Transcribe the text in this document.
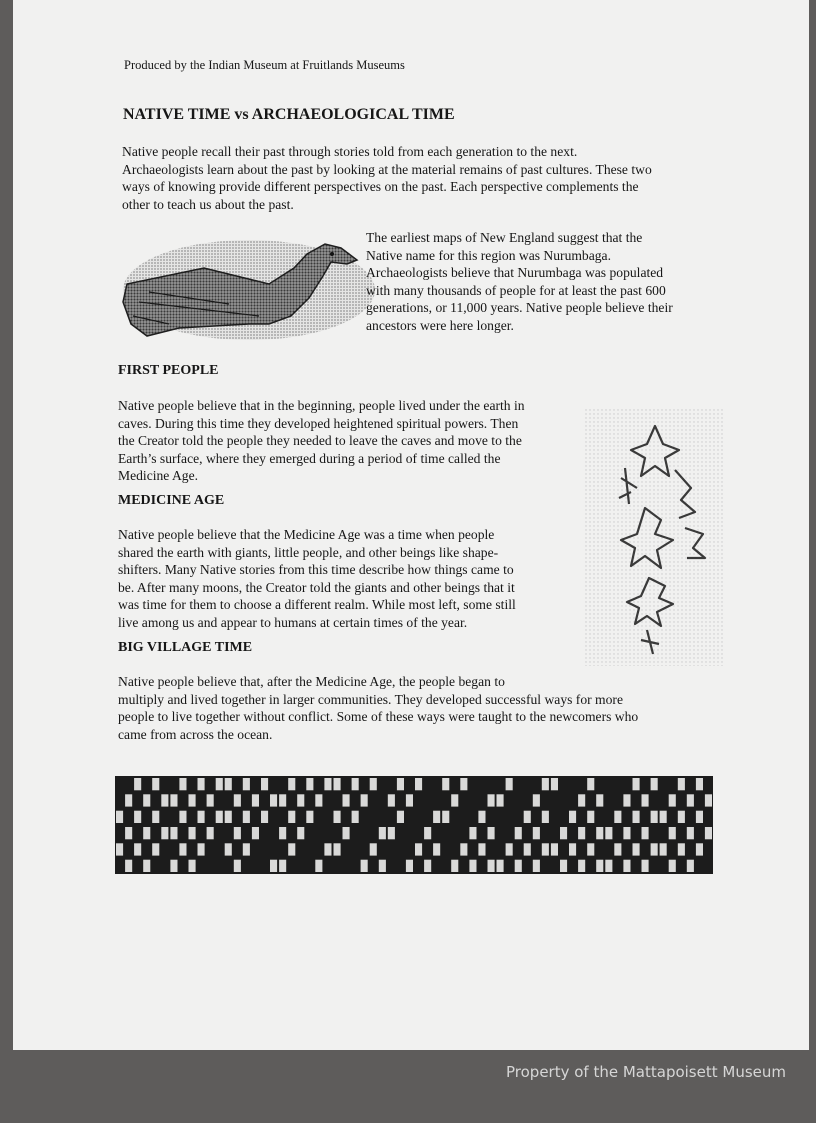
Produced by the Indian Museum at Fruitlands Museums

NATIVE TIME vs ARCHAEOLOGICAL TIME
Native people recall their past through stories told from each generation to the next.
Archaeologists learn about the past by looking at the material remains of past cultures. These two
ways of knowing provide different perspectives on the past. Each perspective complements the
other to teach us about the past.
The earliest maps of New England suggest that the
Native name for this region was Nurumbaga.
Archaeologists believe that Nurumbaga was populated
with many thousands of people for at least the past 600
generations, or 11,000 years. Native people believe their
ancestors were here longer.
FIRST PEOPLE
Native people believe that in the beginning, people lived under the earth in
caves. During this time they developed heightened spiritual powers. Then
the Creator told the people they needed to leave the caves and move to the
Earth’s surface, where they emerged during a period of time called the
Medicine Age.
MEDICINE AGE
Native people believe that the Medicine Age was a time when people
shared the earth with giants, little people, and other beings like shape-
shifters. Many Native stories from this time describe how things came to
be. After many moons, the Creator told the giants and other beings that it
was time for them to choose a different realm. While most left, some still
live among us and appear to humans at certain times of the year.
BIG VILLAGE TIME
Native people believe that, after the Medicine Age, the people began to
multiply and lived together in larger communities. They developed successful ways for more
people to live together without conflict. Some of these ways were taught to the newcomers who
came from across the ocean.
Property of the Mattapoisett Museum
